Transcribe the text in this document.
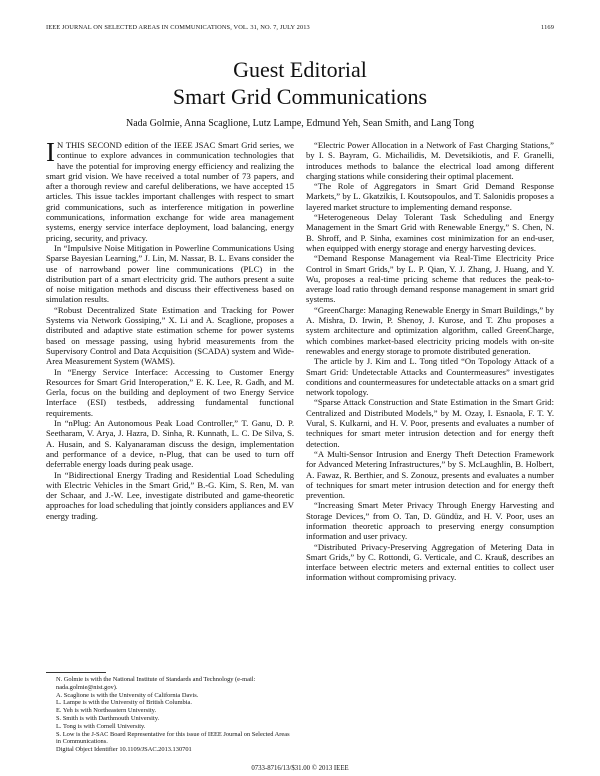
IEEE JOURNAL ON SELECTED AREAS IN COMMUNICATIONS, VOL. 31, NO. 7, JULY 2013	1169
Guest Editorial
Smart Grid Communications
Nada Golmie, Anna Scaglione, Lutz Lampe, Edmund Yeh, Sean Smith, and Lang Tong

I N THIS SECOND edition of the IEEE JSAC Smart Grid series, we continue to explore advances in communication technologies that have the potential for improving energy efficiency and realizing the smart grid vision. We have received a total number of 73 papers, and after a thorough review and careful deliberations, we have accepted 15 articles. This issue tackles important challenges with respect to smart grid communications, such as interference mitigation in powerline communications, information exchange for wide area management systems, energy service interface deployment, load balancing, energy pricing, security, and privacy.

In “Impulsive Noise Mitigation in Powerline Communications Using Sparse Bayesian Learning,” J. Lin, M. Nassar, B. L. Evans consider the use of narrowband power line communications (PLC) in the distribution part of a smart electricity grid. The authors present a suite of noise mitigation methods and discuss their effectiveness based on simulation results.

“Robust Decentralized State Estimation and Tracking for Power Systems via Network Gossiping,” X. Li and A. Scaglione, proposes a distributed and adaptive state estimation scheme for power systems based on message passing, using hybrid measurements from the Supervisory Control and Data Acquisition (SCADA) system and Wide-Area Measurement System (WAMS).

In “Energy Service Interface: Accessing to Customer Energy Resources for Smart Grid Interoperation,” E. K. Lee, R. Gadh, and M. Gerla, focus on the building and deployment of two Energy Service Interface (ESI) testbeds, addressing fundamental functional requirements.

In “nPlug: An Autonomous Peak Load Controller,” T. Ganu, D. P. Seetharam, V. Arya, J. Hazra, D. Sinha, R. Kunnath, L. C. De Silva, S. A. Husain, and S. Kalyanaraman discuss the design, implementation and performance of a device, n-Plug, that can be used to turn off deferrable energy loads during peak usage.

In “Bidirectional Energy Trading and Residential Load Scheduling with Electric Vehicles in the Smart Grid,” B.-G. Kim, S. Ren, M. van der Schaar, and J.-W. Lee, investigate distributed and game-theoretic approaches for load scheduling that jointly considers appliances and EV energy trading.

“Electric Power Allocation in a Network of Fast Charging Stations,” by I. S. Bayram, G. Michailidis, M. Devetsikiotis, and F. Granelli, introduces methods to balance the electrical load among different charging stations while considering their optimal placement.

“The Role of Aggregators in Smart Grid Demand Response Markets,” by L. Gkatzikis, I. Koutsopoulos, and T. Salonidis proposes a layered market structure to implementing demand response.

“Heterogeneous Delay Tolerant Task Scheduling and Energy Management in the Smart Grid with Renewable Energy,” S. Chen, N. B. Shroff, and P. Sinha, examines cost minimization for an end-user, when equipped with energy storage and energy harvesting devices.

“Demand Response Management via Real-Time Electricity Price Control in Smart Grids,” by L. P. Qian, Y. J. Zhang, J. Huang, and Y. Wu, proposes a real-time pricing scheme that reduces the peak-to-average load ratio through demand response management in smart grid systems.

“GreenCharge: Managing Renewable Energy in Smart Buildings,” by A. Mishra, D. Irwin, P. Shenoy, J. Kurose, and T. Zhu proposes a system architecture and optimization algorithm, called GreenCharge, which combines market-based electricity pricing models with on-site renewables and energy storage to promote distributed generation.

The article by J. Kim and L. Tong titled “On Topology Attack of a Smart Grid: Undetectable Attacks and Countermeasures” investigates conditions and countermeasures for undetectable attacks on a smart grid network topology.

“Sparse Attack Construction and State Estimation in the Smart Grid: Centralized and Distributed Models,” by M. Ozay, I. Esnaola, F. T. Y. Vural, S. Kulkarni, and H. V. Poor, presents and evaluates a number of techniques for smart meter intrusion detection and for energy theft detection.

“A Multi-Sensor Intrusion and Energy Theft Detection Framework for Advanced Metering Infrastructures,” by S. McLaughlin, B. Holbert, A. Fawaz, R. Berthier, and S. Zonouz, presents and evaluates a number of techniques for smart meter intrusion detection and for energy theft prevention.

“Increasing Smart Meter Privacy Through Energy Harvesting and Storage Devices,” from O. Tan, D. Gündüz, and H. V. Poor, uses an information theoretic approach to preserving energy consumption information and user privacy.

“Distributed Privacy-Preserving Aggregation of Metering Data in Smart Grids,” by C. Rottondi, G. Verticale, and C. Krauß, describes an interface between electric meters and external entities to collect user information without compromising privacy.

N. Golmie is with the National Institute of Standards and Technology (e-mail: nada.golmie@nist.gov).
A. Scaglione is with the University of California Davis.
L. Lampe is with the University of British Columbia.
E. Yeh is with Northeastern University.
S. Smith is with Darthmouth University.
L. Tong is with Cornell University.
S. Low is the J-SAC Board Representative for this issue of IEEE Journal on Selected Areas in Communications.
Digital Object Identifier 10.1109/JSAC.2013.130701
0733-8716/13/$31.00 © 2013 IEEE
